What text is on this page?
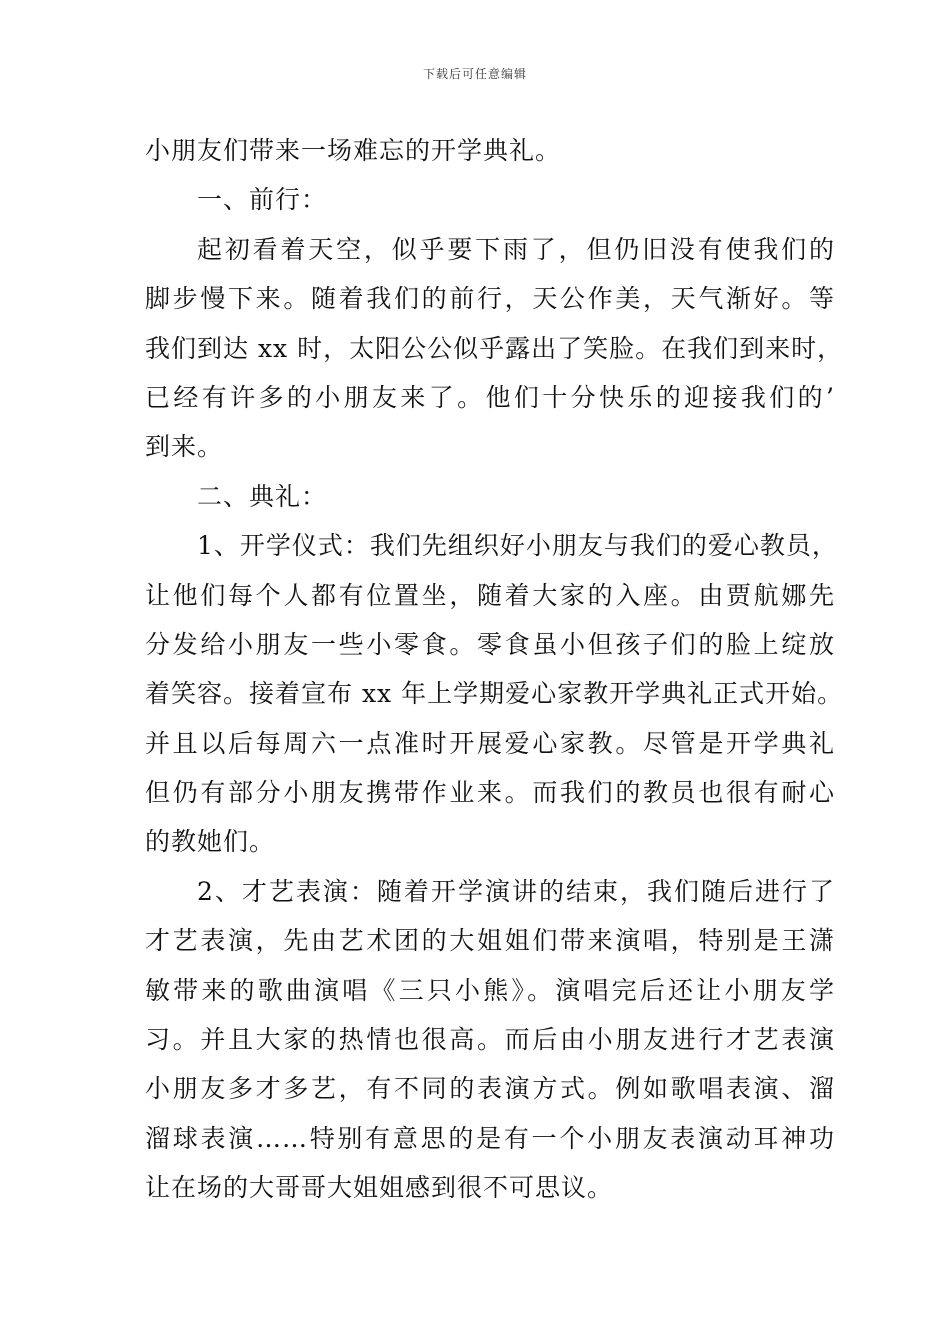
下载后可任意编辑
小朋友们带来一场难忘的开学典礼。
一、前行：
起初看着天空，似乎要下雨了，但仍旧没有使我们的
脚步慢下来。随着我们的前行，天公作美，天气渐好。等
我们到达 xx 时，太阳公公似乎露出了笑脸。在我们到来时，
已经有许多的小朋友来了。他们十分快乐的迎接我们的’
到来。
二、典礼：
1、开学仪式：我们先组织好小朋友与我们的爱心教员，
让他们每个人都有位置坐，随着大家的入座。由贾航娜先
分发给小朋友一些小零食。零食虽小但孩子们的脸上绽放
着笑容。接着宣布 xx 年上学期爱心家教开学典礼正式开始。
并且以后每周六一点准时开展爱心家教。尽管是开学典礼
但仍有部分小朋友携带作业来。而我们的教员也很有耐心
的教她们。
2、才艺表演：随着开学演讲的结束，我们随后进行了
才艺表演，先由艺术团的大姐姐们带来演唱，特别是王潇
敏带来的歌曲演唱《三只小熊》。演唱完后还让小朋友学
习。并且大家的热情也很高。而后由小朋友进行才艺表演
小朋友多才多艺，有不同的表演方式。例如歌唱表演、溜
溜球表演……特别有意思的是有一个小朋友表演动耳神功
让在场的大哥哥大姐姐感到很不可思议。
